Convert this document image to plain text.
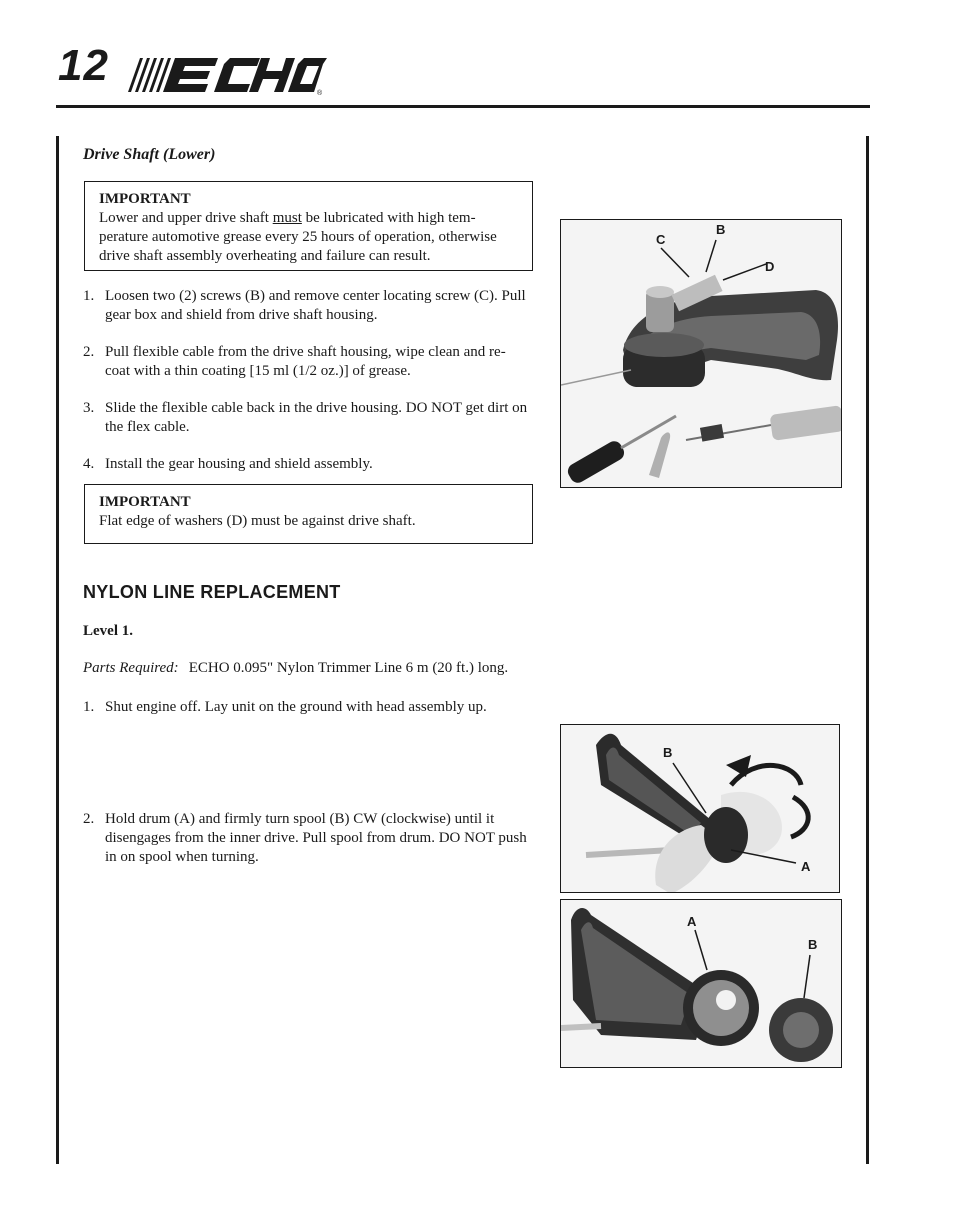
12
®
Drive Shaft (Lower)
IMPORTANT
Lower and upper drive shaft must be lubricated with high tem-perature automotive grease every 25 hours of operation, otherwise drive shaft assembly overheating and failure can result.
1. Loosen two (2) screws (B) and remove center locating screw (C). Pull gear box and shield from drive shaft housing.
2. Pull flexible cable from the drive shaft housing, wipe clean and re-coat with a thin coating [15 ml (1/2 oz.)] of grease.
3. Slide the flexible cable back in the drive housing. DO NOT get dirt on the flex cable.
4. Install the gear housing and shield assembly.
IMPORTANT
Flat edge of washers (D) must be against drive shaft.
C
B
D
NYLON LINE REPLACEMENT
Level 1.
Parts Required: ECHO 0.095" Nylon Trimmer Line 6 m (20 ft.) long.
1. Shut engine off. Lay unit on the ground with head assembly up.
2. Hold drum (A) and firmly turn spool (B) CW (clockwise) until it disengages from the inner drive. Pull spool from drum. DO NOT push in on spool when turning.
B
A
A
B
